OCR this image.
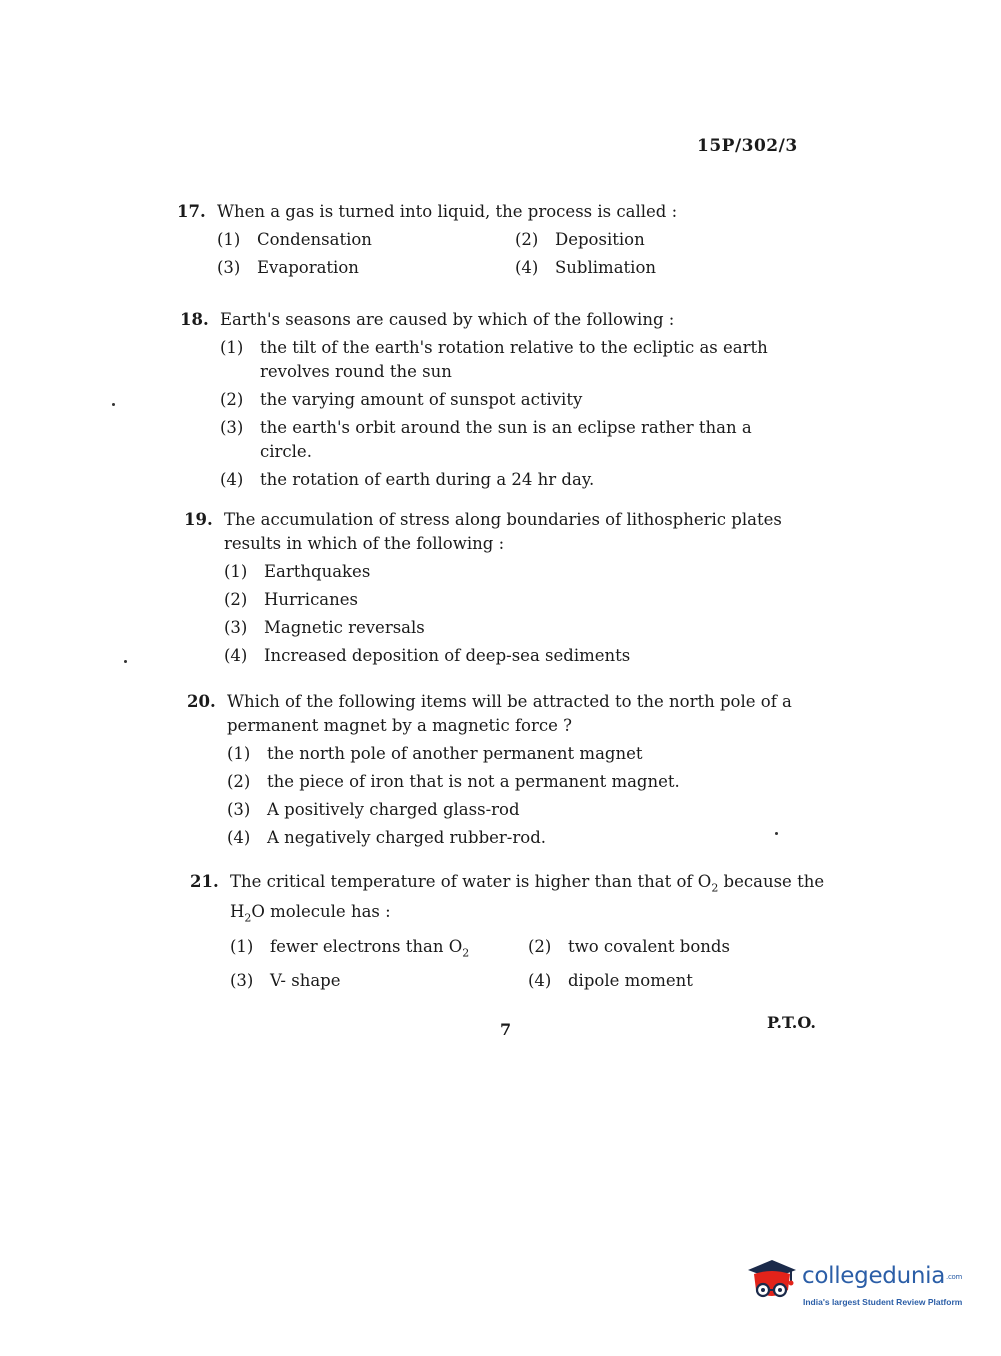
15P/302/3
17. When a gas is turned into liquid, the process is called :
(1)	Condensation	(2)	Deposition
(3)	Evaporation	(4)	Sublimation
18. Earth's seasons are caused by which of the following :
(1)	the tilt of the earth's rotation relative to the ecliptic as earth revolves round the sun
(2)	the varying amount of sunspot activity
(3)	the earth's orbit around the sun is an eclipse rather than a circle.
(4)	the rotation of earth during a 24 hr day.
19. The accumulation of stress along boundaries of lithospheric plates results in which of the following :
(1)	Earthquakes
(2)	Hurricanes
(3)	Magnetic reversals
(4)	Increased deposition of deep-sea sediments
20. Which of the following items will be attracted to the north pole of a permanent magnet by a magnetic force ?
(1)	the north pole of another permanent magnet
(2)	the piece of iron that is not a permanent magnet.
(3)	A positively charged glass-rod
(4)	A negatively charged rubber-rod.
21. The critical temperature of water is higher than that of $O_2$ because the $H_2O$ molecule has :
(1)	fewer electrons than $O_2$	(2)	two covalent bonds
(3)	V- shape	(4)	dipole moment
7	P.T.O.
collegedunia.com
India's largest Student Review Platform
